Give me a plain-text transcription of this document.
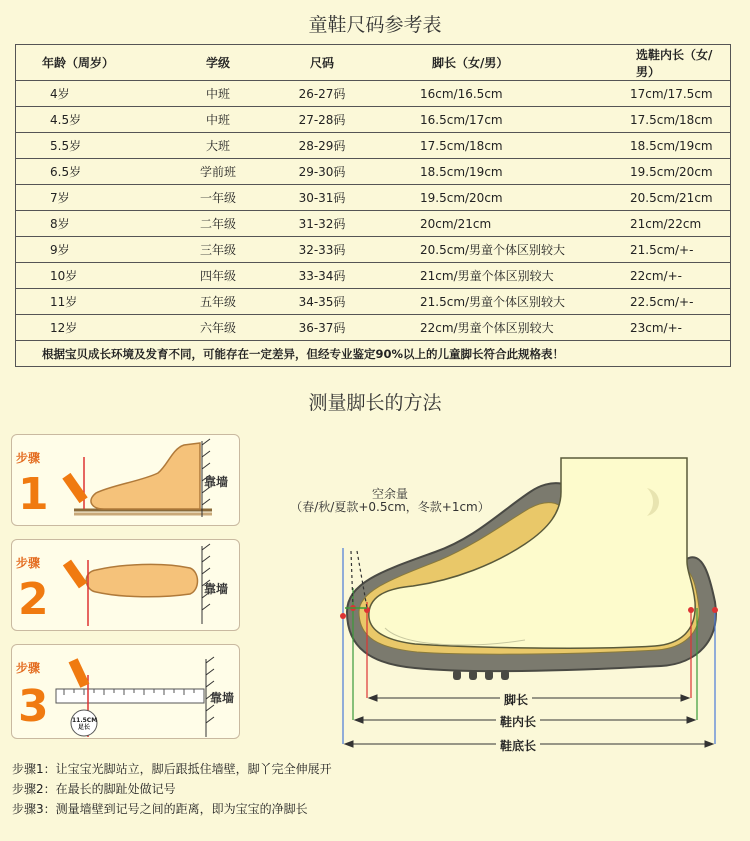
童鞋尺码参考表
年龄（周岁）	学级	尺码	脚长（女/男）	选鞋内长（女/男）
4岁	中班	26-27码	16cm/16.5cm	17cm/17.5cm
4.5岁	中班	27-28码	16.5cm/17cm	17.5cm/18cm
5.5岁	大班	28-29码	17.5cm/18cm	18.5cm/19cm
6.5岁	学前班	29-30码	18.5cm/19cm	19.5cm/20cm
7岁	一年级	30-31码	19.5cm/20cm	20.5cm/21cm
8岁	二年级	31-32码	20cm/21cm	21cm/22cm
9岁	三年级	32-33码	20.5cm/男童个体区别较大	21.5cm/+-
10岁	四年级	33-34码	21cm/男童个体区别较大	22cm/+-
11岁	五年级	34-35码	21.5cm/男童个体区别较大	22.5cm/+-
12岁	六年级	36-37码	22cm/男童个体区别较大	23cm/+-
根据宝贝成长环境及发育不同，可能存在一定差异，但经专业鉴定90%以上的儿童脚长符合此规格表！				
测量脚长的方法
步骤
1	靠墙
步骤
2	靠墙
步骤
3	11.5CM
足长
靠墙
空余量
（春/秋/夏款+0.5cm，冬款+1cm）
脚长
鞋内长
鞋底长
步骤1：让宝宝光脚站立，脚后跟抵住墙壁，脚丫完全伸展开
步骤2：在最长的脚趾处做记号
步骤3：测量墙壁到记号之间的距离，即为宝宝的净脚长
